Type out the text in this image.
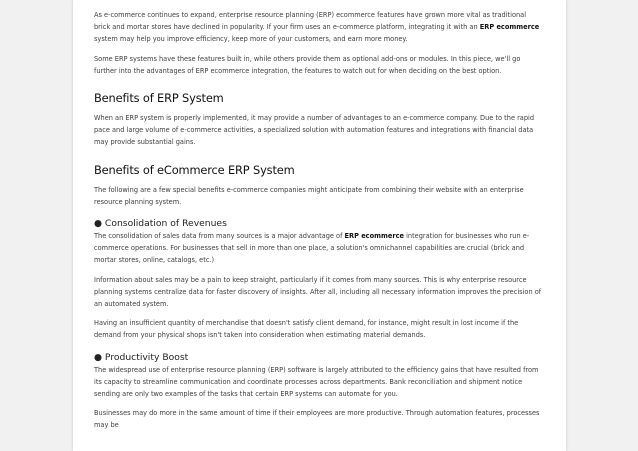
As e-commerce continues to expand, enterprise resource planning (ERP) ecommerce features have grown more vital as traditional brick and mortar stores have declined in popularity. If your firm uses an e-commerce platform, integrating it with an ERP ecommerce system may help you improve efficiency, keep more of your customers, and earn more money.

Some ERP systems have these features built in, while others provide them as optional add-ons or modules. In this piece, we'll go further into the advantages of ERP ecommerce integration, the features to watch out for when deciding on the best option.

Benefits of ERP System

When an ERP system is properly implemented, it may provide a number of advantages to an e-commerce company. Due to the rapid pace and large volume of e-commerce activities, a specialized solution with automation features and integrations with financial data may provide substantial gains.

Benefits of eCommerce ERP System

The following are a few special benefits e-commerce companies might anticipate from combining their website with an enterprise resource planning system.

● Consolidation of Revenues

The consolidation of sales data from many sources is a major advantage of ERP ecommerce integration for businesses who run e-commerce operations. For businesses that sell in more than one place, a solution's omnichannel capabilities are crucial (brick and mortar stores, online, catalogs, etc.)

Information about sales may be a pain to keep straight, particularly if it comes from many sources. This is why enterprise resource planning systems centralize data for faster discovery of insights. After all, including all necessary information improves the precision of an automated system.

Having an insufficient quantity of merchandise that doesn't satisfy client demand, for instance, might result in lost income if the demand from your physical shops isn't taken into consideration when estimating material demands.

● Productivity Boost

The widespread use of enterprise resource planning (ERP) software is largely attributed to the efficiency gains that have resulted from its capacity to streamline communication and coordinate processes across departments. Bank reconciliation and shipment notice sending are only two examples of the tasks that certain ERP systems can automate for you.

Businesses may do more in the same amount of time if their employees are more productive. Through automation features, processes may be
